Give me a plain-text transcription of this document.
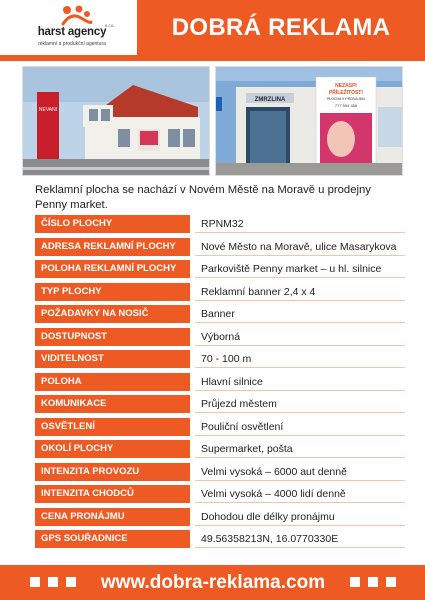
harst agency
s.r.o.
reklamní a produkční agentura
DOBRÁ REKLAMA
NEVANI
ZMRZLINA
NEZASPI
PŘÍLEŽITOST!
PLOCHA K PRONÁJMU
777 594 456
Reklamní plocha se nachází v Novém Městě na Moravě u prodejny Penny market.
ČÍSLO PLOCHY	RPNM32
ADRESA REKLAMNÍ PLOCHY	Nové Město na Moravě, ulice Masarykova
POLOHA REKLAMNÍ PLOCHY	Parkoviště Penny market – u hl. silnice
TYP PLOCHY	Reklamní banner 2,4 x 4
POŽADAVKY NA NOSIČ	Banner
DOSTUPNOST	Výborná
VIDITELNOST	70 - 100 m
POLOHA	Hlavní silnice
KOMUNIKACE	Průjezd městem
OSVĚTLENÍ	Pouliční osvětlení
OKOLÍ PLOCHY	Supermarket, pošta
INTENZITA PROVOZU	Velmi vysoká – 6000 aut denně
INTENZITA CHODCŮ	Velmi vysoká – 4000 lidí denně
CENA PRONÁJMU	Dohodou dle délky pronájmu
GPS SOUŘADNICE	49.56358213N, 16.0770330E
www.dobra-reklama.com
